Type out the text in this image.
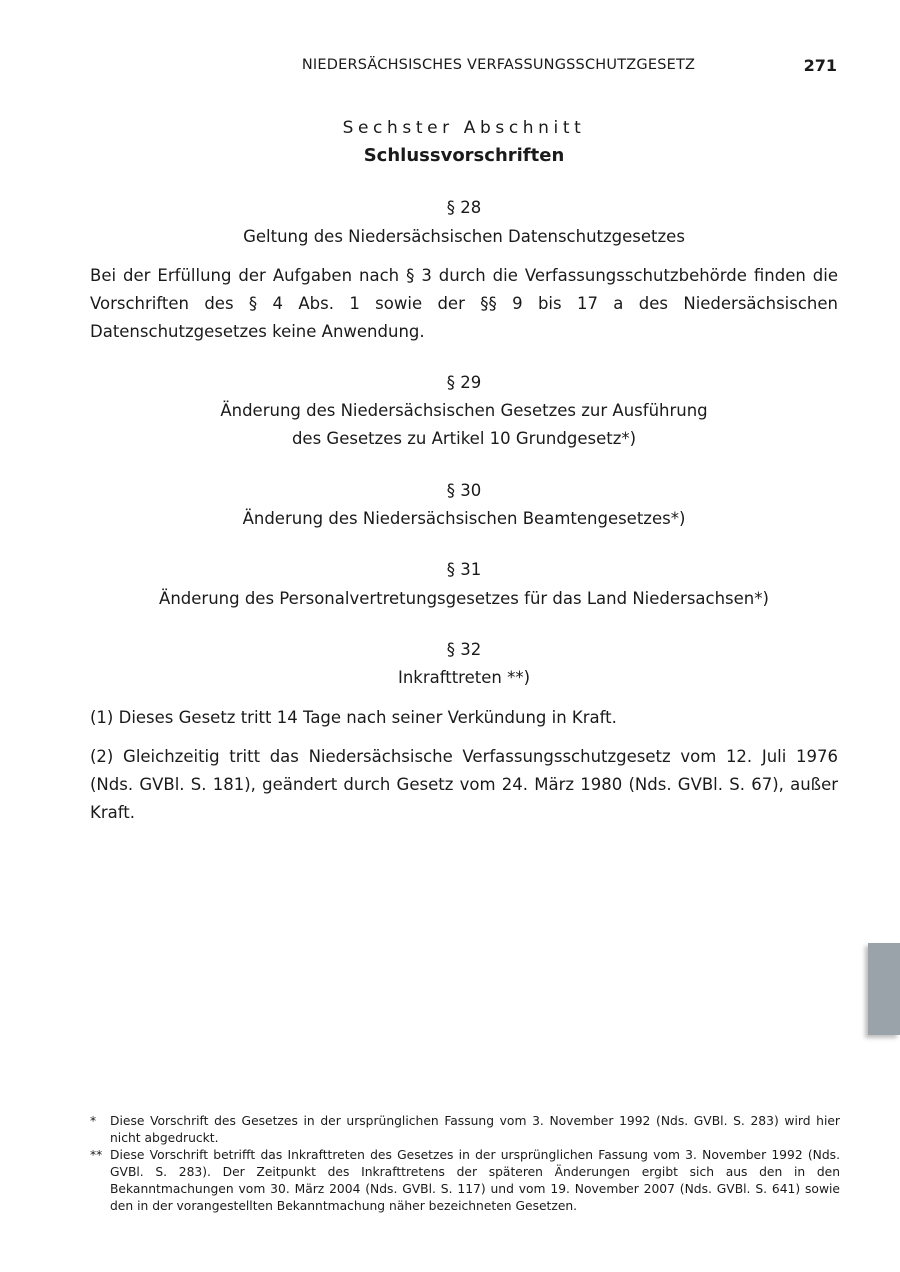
NIEDERSÄCHSISCHES VERFASSUNGSSCHUTZGESETZ	271
Sechster Abschnitt
Schlussvorschriften
§ 28
Geltung des Niedersächsischen Datenschutzgesetzes

Bei der Erfüllung der Aufgaben nach § 3 durch die Verfassungsschutzbehörde finden die Vorschriften des § 4 Abs. 1 sowie der §§ 9 bis 17 a des Niedersächsischen Datenschutzgesetzes keine Anwendung.

§ 29
Änderung des Niedersächsischen Gesetzes zur Ausführung
des Gesetzes zu Artikel 10 Grundgesetz*)
§ 30
Änderung des Niedersächsischen Beamtengesetzes*)
§ 31
Änderung des Personalvertretungsgesetzes für das Land Niedersachsen*)
§ 32
Inkrafttreten **)

(1) Dieses Gesetz tritt 14 Tage nach seiner Verkündung in Kraft.

(2) Gleichzeitig tritt das Niedersächsische Verfassungsschutzgesetz vom 12. Juli 1976 (Nds. GVBl. S. 181), geändert durch Gesetz vom 24. März 1980 (Nds. GVBl. S. 67), außer Kraft.

* Diese Vorschrift des Gesetzes in der ursprünglichen Fassung vom 3. November 1992 (Nds. GVBl. S. 283) wird hier nicht abgedruckt.
** Diese Vorschrift betrifft das Inkrafttreten des Gesetzes in der ursprünglichen Fassung vom 3. November 1992 (Nds. GVBl. S. 283). Der Zeitpunkt des Inkrafttretens der späteren Änderungen ergibt sich aus den in den Bekanntmachungen vom 30. März 2004 (Nds. GVBl. S. 117) und vom 19. November 2007 (Nds. GVBl. S. 641) sowie den in der vorangestellten Bekanntmachung näher bezeichneten Gesetzen.
